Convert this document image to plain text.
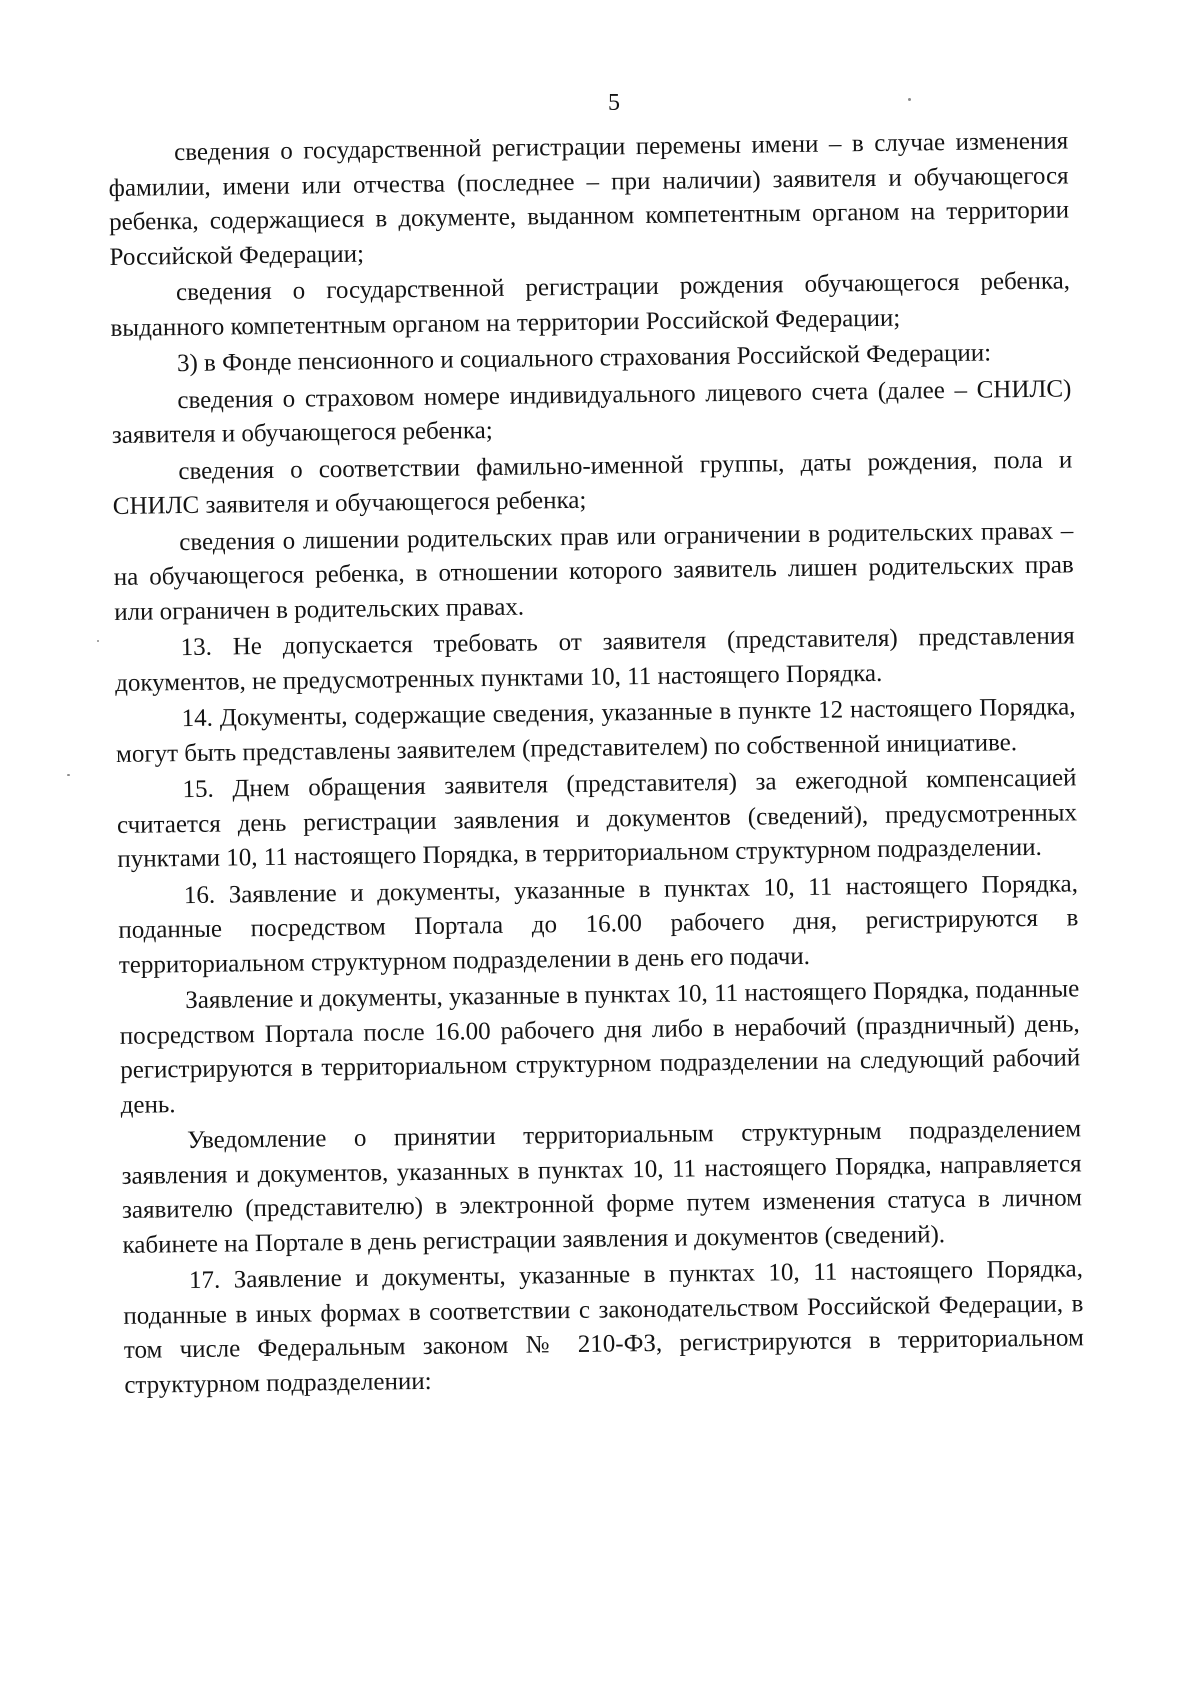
5

сведения о государственной регистрации перемены имени – в случае изменения фамилии, имени или отчества (последнее – при наличии) заявителя и обучающегося ребенка, содержащиеся в документе, выданном компетентным органом на территории Российской Федерации;

сведения о государственной регистрации рождения обучающегося ребенка, выданного компетентным органом на территории Российской Федерации;

3) в Фонде пенсионного и социального страхования Российской Федерации:

сведения о страховом номере индивидуального лицевого счета (далее – СНИЛС) заявителя и обучающегося ребенка;

сведения о соответствии фамильно-именной группы, даты рождения, пола и СНИЛС заявителя и обучающегося ребенка;

сведения о лишении родительских прав или ограничении в родительских правах – на обучающегося ребенка, в отношении которого заявитель лишен родительских прав или ограничен в родительских правах.

13. Не допускается требовать от заявителя (представителя) представления документов, не предусмотренных пунктами 10, 11 настоящего Порядка.

14. Документы, содержащие сведения, указанные в пункте 12 настоящего Порядка, могут быть представлены заявителем (представителем) по собственной инициативе.

15. Днем обращения заявителя (представителя) за ежегодной компенсацией считается день регистрации заявления и документов (сведений), предусмотренных пунктами 10, 11 настоящего Порядка, в территориальном структурном подразделении.

16. Заявление и документы, указанные в пунктах 10, 11 настоящего Порядка, поданные посредством Портала до 16.00 рабочего дня, регистрируются в территориальном структурном подразделении в день его подачи.

Заявление и документы, указанные в пунктах 10, 11 настоящего Порядка, поданные посредством Портала после 16.00 рабочего дня либо в нерабочий (праздничный) день, регистрируются в территориальном структурном подразделении на следующий рабочий день.

Уведомление о принятии территориальным структурным подразделением заявления и документов, указанных в пунктах 10, 11 настоящего Порядка, направляется заявителю (представителю) в электронной форме путем изменения статуса в личном кабинете на Портале в день регистрации заявления и документов (сведений).

17. Заявление и документы, указанные в пунктах 10, 11 настоящего Порядка, поданные в иных формах в соответствии с законодательством Российской Федерации, в том числе Федеральным законом № 210-ФЗ, регистрируются в территориальном структурном подразделении:
